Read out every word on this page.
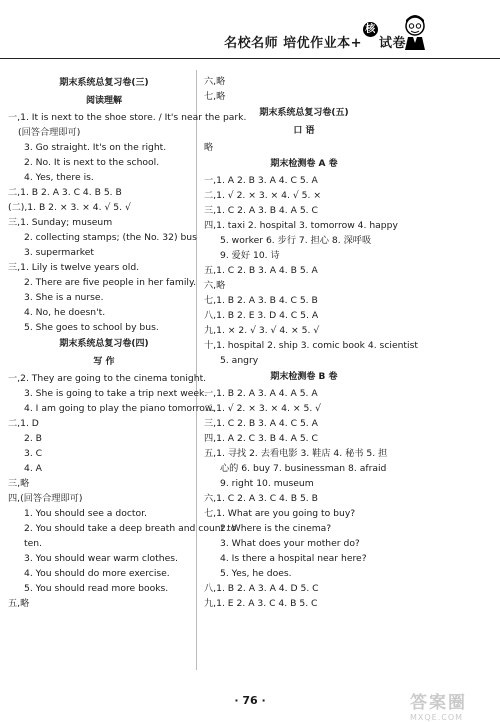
名校名师 培优作业本+核心 试卷
期末系统总复习卷(三)
阅读理解
一,1. It is next to the shoe store. / It's near the park.
(回答合理即可)
3. Go straight. It's on the right.
2. No. It is next to the school.
4. Yes, there is.
二,1. B 2. A 3. C 4. B 5. B
(二),1. B 2. × 3. × 4. √ 5. √
三,1. Sunday; museum
2. collecting stamps; (the No. 32) bus
3. supermarket
三,1. Lily is twelve years old.
2. There are five people in her family.
3. She is a nurse.
4. No, he doesn't.
5. She goes to school by bus.
期末系统总复习卷(四)
写 作
一,2. They are going to the cinema tonight.
3. She is going to take a trip next week.
4. I am going to play the piano tomorrow.
二,1. D
2. B
3. C
4. A
三,略
四,(回答合理即可)
1. You should see a doctor.
2. You should take a deep breath and count to
ten.
3. You should wear warm clothes.
4. You should do more exercise.
5. You should read more books.
五,略
六,略
七,略
期末系统总复习卷(五)
口 语
略
期末检测卷 A 卷
一,1. A 2. B 3. A 4. C 5. A
二,1. √ 2. × 3. × 4. √ 5. ×
三,1. C 2. A 3. B 4. A 5. C
四,1. taxi 2. hospital 3. tomorrow 4. happy
5. worker 6. 步行 7. 担心 8. 深呼吸
9. 爱好 10. 诗
五,1. C 2. B 3. A 4. B 5. A
六,略
七,1. B 2. A 3. B 4. C 5. B
八,1. B 2. E 3. D 4. C 5. A
九,1. × 2. √ 3. √ 4. × 5. √
十,1. hospital 2. ship 3. comic book 4. scientist
5. angry
期末检测卷 B 卷
一,1. B 2. A 3. A 4. A 5. A
二,1. √ 2. × 3. × 4. × 5. √
三,1. C 2. B 3. A 4. C 5. A
四,1. A 2. C 3. B 4. A 5. C
五,1. 寻找 2. 去看电影 3. 鞋店 4. 秘书 5. 担
心的 6. buy 7. businessman 8. afraid
9. right 10. museum
六,1. C 2. A 3. C 4. B 5. B
七,1. What are you going to buy?
2. Where is the cinema?
3. What does your mother do?
4. Is there a hospital near here?
5. Yes, he does.
八,1. B 2. A 3. A 4. D 5. C
九,1. E 2. A 3. C 4. B 5. C
· 76 ·	答案圈
MXQE.COM
